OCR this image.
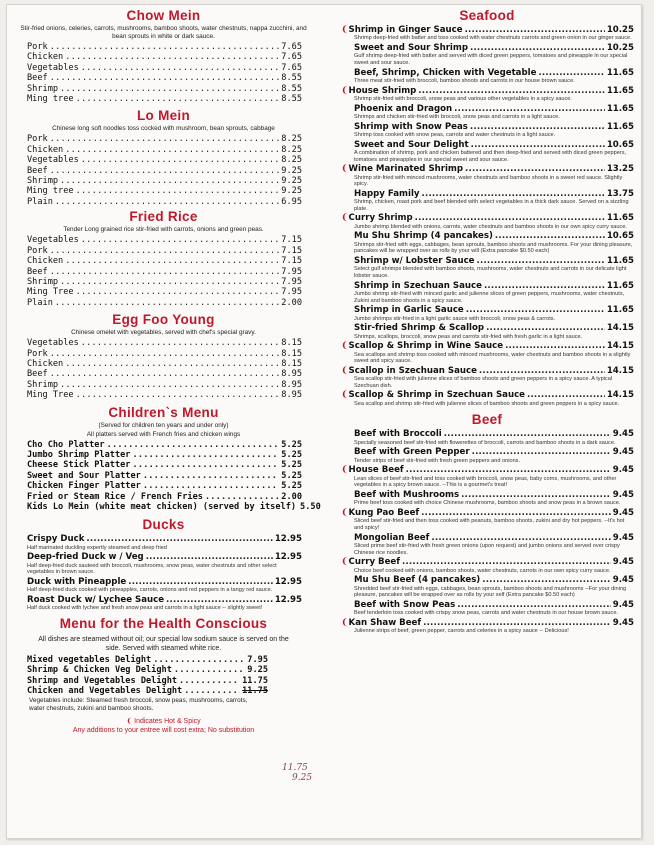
Chow Mein
Stir-fried onions, celeries, carrots, mushrooms, bamboo shoots, water chestnuts, nappa zucchini, and bean sprouts in white or dark sauce.
Pork .....	7.65
Chicken .....	7.65
Vegetables .....	7.65
Beef .....	8.55
Shrimp .....	8.55
Ming tree .....	8.55
Lo Mein
Chinese long soft noodles toss cocked with mushroom, bean sprouts, cabbage
Pork .....	8.25
Chicken .....	8.25
Vegetables .....	8.25
Beef .....	9.25
Shrimp .....	9.25
Ming tree .....	9.25
Plain .....	6.95
Fried Rice
Tender Long grained rice stir-fried with carrots, onions and green peas.
Vegetables .....	7.15
Pork .....	7.15
Chicken .....	7.15
Beef .....	7.95
Shrimp .....	7.95
Ming Tree .....	7.95
Plain .....	2.00
Egg Foo Young
Chinese omelet with vegetables, served with chef's special gravy.
Vegetables .....	8.15
Pork .....	8.15
Chicken .....	8.15
Beef .....	8.95
Shrimp .....	8.95
Ming Tree .....	8.95
Children`s Menu
(Served for children ten years and under only)
All platters served with French fries and chicken wings
Cho Cho Platter .....	5.25
Jumbo Shrimp Platter .....	5.25
Cheese Stick Platter .....	5.25
Sweet and Sour Platter .....	5.25
Chicken Finger Platter .....	5.25
Fried or Steam Rice / French Fries .....	2.00
Kids Lo Mein (white meat chicken) (served by itself) 5.50
Ducks
Crispy Duck .....	12.95
Half marinated duckling expertly steamed and deep fried
Deep-fried Duck w / Veg .....	12.95
Half deep-fried duck sauteed with broccoli, mushrooms, snow peas, water chestnuts and other select vegetables in brown sauce.
Duck with Pineapple .....	12.95
Half deep-fried duck cooked with pineapples, carrots, onions and red peppers in a tangy red sauce.
Roast Duck w/ Lychee Sauce .....	12.95
Half duck cooked with lychee and fresh snow peas and carrots in a light sauce -- slightly sweet!
Menu for the Health Conscious
All dishes are steamed without oil; our special low sodium sauce is served on the side. Served with steamed white rice.
Mixed vegetables Delight .....	7.95
Shrimp & Chicken Veg Delight .....	9.25
Shrimp and Vegetables Delight .....	11.75
Chicken and Vegetables Delight .....	11.75
Vegetables include: Steamed fresh broccoli, snow peas, mushrooms, carrots, water chestnuts, zukini and bamboo shoots.
❨ Indicates Hot & Spicy
Any additions to your entree will cost extra; No substitution
11.75
9.25
Seafood
❨ Shrimp in Ginger Sauce .....	10.25
Shrimp deep-fried with batter and toss cooked with water chestnuts carrots and green onion in our ginger sauce.
Sweet and Sour Shrimp .....	10.25
Gulf shrimp deep-fried with batter and served with diced green peppers, tomatoes and pineapple in our special sweet and sour sauce.
Beef, Shrimp, Chicken with Vegetable .....	11.65
Three meat stir-fried with broccoli, bamboo shoots and carrots in our house brown sauce.
❨ House Shrimp .....	11.65
Shrimp stir-fried with broccoli, snow peas and various other vegetables in a spicy sauce.
Phoenix and Dragon .....	11.65
Shrimps and chicken stir-fried with broccoli, snow peas and carrots in a light sauce.
Shrimp with Snow Peas .....	11.65
Shrimp toss cooked with snow peas, carrots and water chestnuts in a light sauce.
Sweet and Sour Delight .....	10.65
A combination of shrimp, pork and chicken battered and then deep-fried and served with diced green peppers, tomatoes and pineapples in our special sweet and sour sauce.
❨ Wine Marinated Shrimp .....	13.25
Shrimp stir-fried with minced mushrooms, water chestnuts and bamboo shoots in a sweet red sauce. Slightly spicy.
Happy Family .....	13.75
Shrimp, chicken, roast pork and beef blended with select vegetables in a thick dark sauce. Served on a sizzling plate.
❨ Curry Shrimp .....	11.65
Jumbo shrimp blended with onions, carrots, water chestnuts and bamboo shoots in our own spicy curry sauce.
Mu Shu Shrimp (4 pancakes) .....	10.65
Shrimps stir-fried with eggs, cabbages, bean sprouts, bamboo shoots and mushrooms. For your dining pleasure, pancakes will be wrapped over as rolls by your will (Extra pancake $0.50 each)
Shrimp w/ Lobster Sauce .....	11.65
Select gulf shrimps blended with bamboo shoots, mushrooms, water chestnuts and carrots in our delicate light lobster sauce.
Shrimp in Szechuan Sauce .....	11.65
Jumbo shrimp stir-fried with minced garlic and julienne slices of green peppers, mushrooms, water chestnuts, Zukini and bamboo shoots in a spicy sauce.
Shrimp in Garlic Sauce .....	11.65
Jumbo shrimps stir-fried in a light garlic sauce with broccoli, snow peas & carrots.
Stir-fried Shrimp & Scallop .....	14.15
Shrimps, scallops, broccoli, snow peas and carrots stir-fried with fresh garlic in a light sauce.
❨ Scallop & Shrimp in Wine Sauce .....	14.15
Sea scallops and shrimp toss cooked with minced mushrooms, water chestnuts and bamboo shoots in a slightly sweet and spicy sauce.
❨ Scallop in Szechuan Sauce .....	14.15
Sea scallop stir-fried with julienne slices of bamboo shoots and green peppers in a spicy sauce. A typical Szechuan dish.
❨ Scallop & Shrimp in Szechuan Sauce .....	14.15
Sea scallop and shrimp stir-fried with julienne slices of bamboo shoots and green peppers in a spicy sauce.
Beef
Beef with Broccoli .....	9.45
Specially seasoned beef stir-fried with flowerettes of broccoli, carrots and bamboo shoots in a dark sauce.
Beef with Green Pepper .....	9.45
Tender strips of beef stir-fried with fresh green peppers and onions.
❨ House Beef .....	9.45
Lean slices of beef stir-fried and toss cooked with broccoli, snow peas, baby corns, mushrooms, and other vegetables in a spicy brown sauce. --This is a gourmet's treat!
Beef with Mushrooms .....	9.45
Prime beef toss cooked with choice Chinese mushrooms, bamboo shoots and snow peas in a brown sauce.
❨ Kung Pao Beef .....	9.45
Sliced beef stir-fried and then toss cooked with peanuts, bamboo shoots, zukini and dry hot peppers. --It's hot and spicy!
Mongolian Beef .....	9.45
Sliced prime beef stir-fried with fresh green onions (upon request) and jumbo onions and served over crispy Chinese rice noodles.
❨ Curry Beef .....	9.45
Choice beef cooked with onions, bamboo shoots, water chestnuts, carrots in our own spicy curry sauce.
Mu Shu Beef (4 pancakes) .....	9.45
Shredded beef stir-fried with eggs, cabbages, bean sprouts, bamboo shoots and mushrooms --For your dining pleasure, pancakes will be wrapped over as rolls by your self (Extra pancake $0.50 each)
Beef with Snow Peas .....	9.45
Beef tenderloin toss cooked with crispy snow peas, carrots and water chestnuts in our house brown sauce.
❨ Kan Shaw Beef .....	9.45
Julienne strips of beef, green pepper, carrots and celeries in a spicy sauce -- Delicious!
